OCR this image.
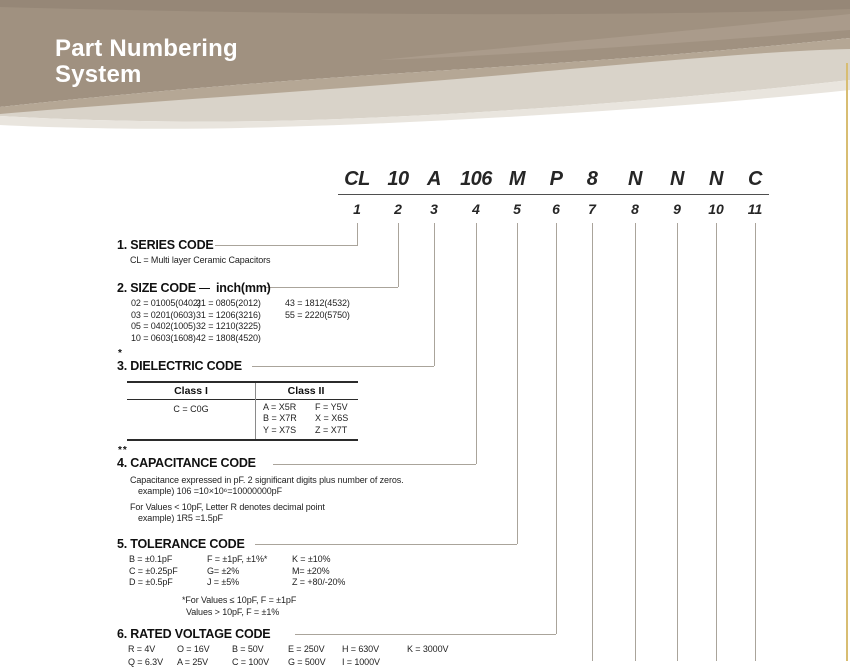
Part Numbering
System
CL 10 A 106 M	P	8	N	N	N	C
1	2	3	4	5	6	7	8	9	10	11
1. SERIES CODE
CL = Multi layer Ceramic Capacitors
2. SIZE CODE inch(mm)
02 = 01005(0402)
03 = 0201(0603)
05 = 0402(1005)
10 = 0603(1608)
21 = 0805(2012)
31 = 1206(3216)
32 = 1210(3225)
42 = 1808(4520)
43 = 1812(4532)
55 = 2220(5750)
*
3. DIELECTRIC CODE
Class I	Class II
C = C0G	A = X5R F = Y5V
B = X7R X = X6S
Y = X7S Z = X7T
**
4. CAPACITANCE CODE
Capacitance expressed in pF. 2 significant digits plus number of zeros.
example) 106 =10×10⁶=10000000pF
For Values < 10pF, Letter R denotes decimal point
example) 1R5 =1.5pF
5. TOLERANCE CODE
B = ±0.1pF
C = ±0.25pF
D = ±0.5pF
F = ±1pF, ±1%*
G= ±2%
J = ±5%
K = ±10%
M= ±20%
Z = +80/-20%
*For Values ≤ 10pF, F = ±1pF
Values > 10pF, F = ±1%
6. RATED VOLTAGE CODE
R = 4V O = 16V B = 50V	E = 250V H = 630V	K = 3000V
Q = 6.3V A = 25V	C = 100V G = 500V I = 1000V
